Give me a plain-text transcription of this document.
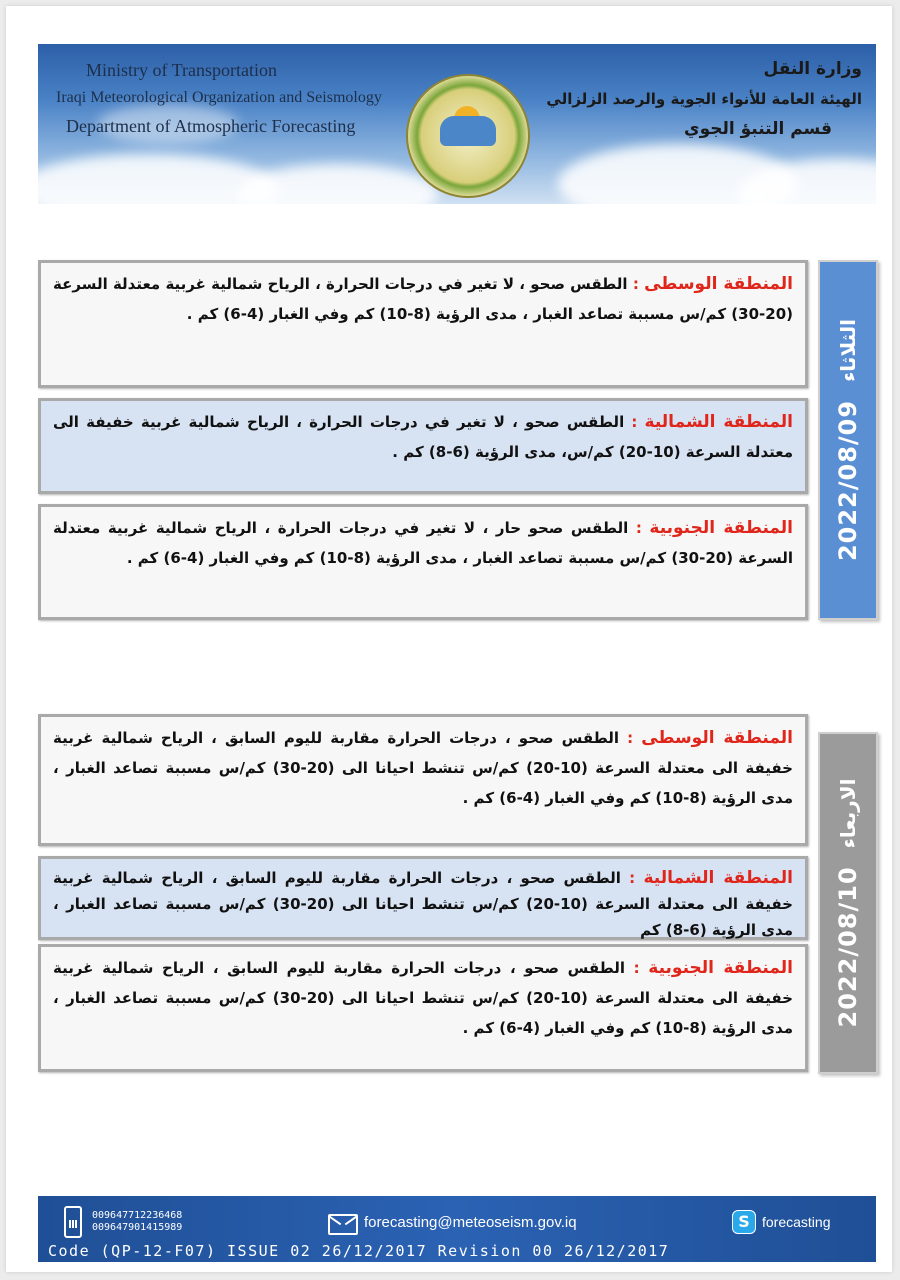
Ministry of Transportation
Iraqi Meteorological Organization and Seismology
Department of Atmospheric Forecasting
وزارة النقل
الهيئة العامة للأنواء الجوية والرصد الزلزالي
قسم التنبؤ الجوي
المنطقة الوسطى : الطقس صحو ، لا تغير في درجات الحرارة ، الرياح شمالية غربية معتدلة السرعة (20-30) كم/س مسببة تصاعد الغبار ، مدى الرؤية (8-10) كم وفي الغبار (4-6) كم .
المنطقة الشمالية : الطقس صحو ، لا تغير في درجات الحرارة ، الرياح شمالية غربية خفيفة الى معتدلة السرعة (10-20) كم/س، مدى الرؤية (6-8) كم .
المنطقة الجنوبية : الطقس صحو حار ، لا تغير في درجات الحرارة ، الرياح شمالية غربية معتدلة السرعة (20-30) كم/س مسببة تصاعد الغبار ، مدى الرؤية (8-10) كم وفي الغبار (4-6) كم .	2022/08/09
الثلاثاء
المنطقة الوسطى : الطقس صحو ، درجات الحرارة مقاربة لليوم السابق ، الرياح شمالية غربية خفيفة الى معتدلة السرعة (10-20) كم/س تنشط احيانا الى (20-30) كم/س مسببة تصاعد الغبار ، مدى الرؤية (8-10) كم وفي الغبار (4-6) كم .
المنطقة الشمالية : الطقس صحو ، درجات الحرارة مقاربة لليوم السابق ، الرياح شمالية غربية خفيفة الى معتدلة السرعة (10-20) كم/س تنشط احيانا الى (20-30) كم/س مسببة تصاعد الغبار ، مدى الرؤية (6-8) كم
المنطقة الجنوبية : الطقس صحو ، درجات الحرارة مقاربة لليوم السابق ، الرياح شمالية غربية خفيفة الى معتدلة السرعة (10-20) كم/س تنشط احيانا الى (20-30) كم/س مسببة تصاعد الغبار ، مدى الرؤية (8-10) كم وفي الغبار (4-6) كم .
2022/08/10
الاربعاء
009647712236468
009647901415989	forecasting@meteoseism.gov.iq	S forecasting
Code (QP-12-F07) ISSUE 02 26/12/2017 Revision 00 26/12/2017
